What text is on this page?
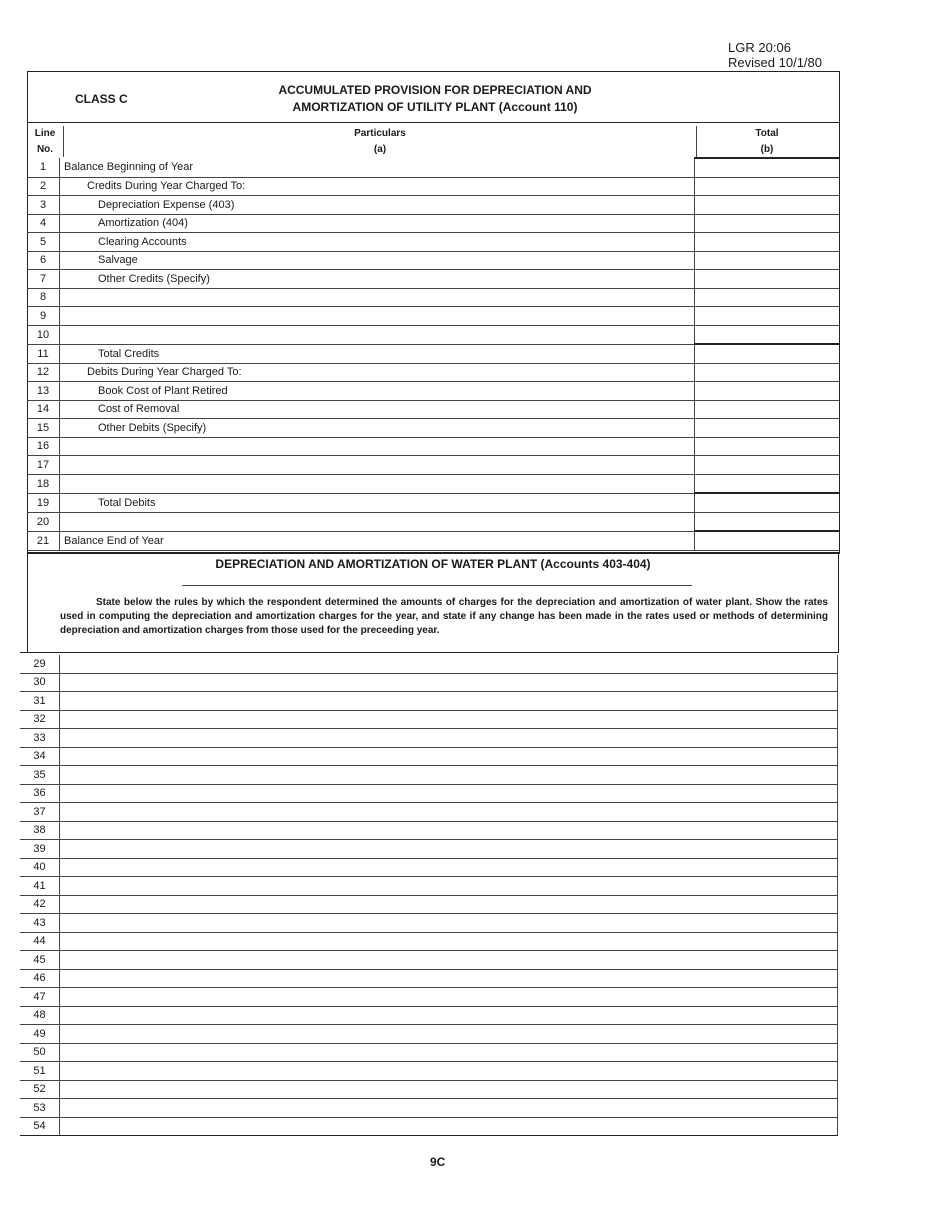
LGR 20:06
Revised 10/1/80
CLASS C
ACCUMULATED PROVISION FOR DEPRECIATION AND
AMORTIZATION OF UTILITY PLANT (Account 110)
Line
No.
Particulars
(a)
Total
(b)
1	Balance Beginning of Year	
2	Credits During Year Charged To:	
3	Depreciation Expense (403)	
4	Amortization (404)	
5	Clearing Accounts	
6	Salvage	
7	Other Credits (Specify)	
8		
9		
10		
11	Total Credits	
12	Debits During Year Charged To:	
13	Book Cost of Plant Retired	
14	Cost of Removal	
15	Other Debits (Specify)	
16		
17		
18		
19	Total Debits	
20		
21	Balance End of Year	
DEPRECIATION AND AMORTIZATION OF WATER PLANT (Accounts 403-404)
State below the rules by which the respondent determined the amounts of charges for the depreciation and amortization of water plant. Show the rates used in computing the depreciation and amortization charges for the year, and state if any change has been made in the rates used or methods of determining depreciation and amortization charges from those used for the preceeding year.
29	
30	
31	
32	
33	
34	
35	
36	
37	
38	
39	
40	
41	
42	
43	
44	
45	
46	
47	
48	
49	
50	
51	
52	
53	
54	
9C
